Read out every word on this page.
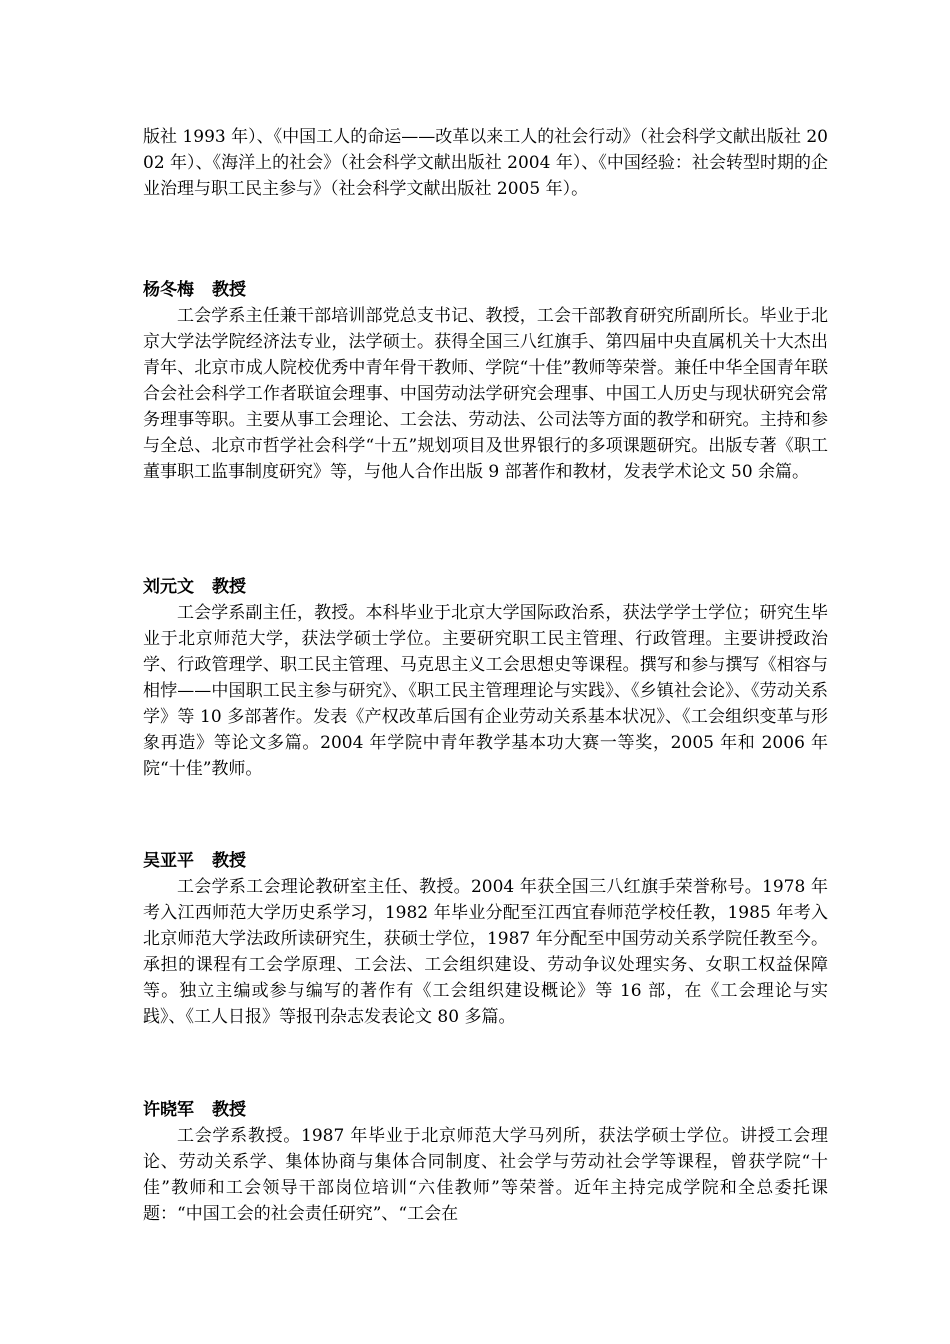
版社 1993 年）、《中国工人的命运——改革以来工人的社会行动》（社会科学文献出版社 2002 年）、《海洋上的社会》（社会科学文献出版社 2004 年）、《中国经验：社会转型时期的企业治理与职工民主参与》（社会科学文献出版社 2005 年）。

杨冬梅 教授

工会学系主任兼干部培训部党总支书记、教授，工会干部教育研究所副所长。毕业于北京大学法学院经济法专业，法学硕士。获得全国三八红旗手、第四届中央直属机关十大杰出青年、北京市成人院校优秀中青年骨干教师、学院“十佳”教师等荣誉。兼任中华全国青年联合会社会科学工作者联谊会理事、中国劳动法学研究会理事、中国工人历史与现状研究会常务理事等职。主要从事工会理论、工会法、劳动法、公司法等方面的教学和研究。主持和参与全总、北京市哲学社会科学“十五”规划项目及世界银行的多项课题研究。出版专著《职工董事职工监事制度研究》等，与他人合作出版 9 部著作和教材，发表学术论文 50 余篇。

刘元文 教授

工会学系副主任，教授。本科毕业于北京大学国际政治系，获法学学士学位；研究生毕业于北京师范大学，获法学硕士学位。主要研究职工民主管理、行政管理。主要讲授政治学、行政管理学、职工民主管理、马克思主义工会思想史等课程。撰写和参与撰写《相容与相悖——中国职工民主参与研究》、《职工民主管理理论与实践》、《乡镇社会论》、《劳动关系学》等 10 多部著作。发表《产权改革后国有企业劳动关系基本状况》、《工会组织变革与形象再造》等论文多篇。2004 年学院中青年教学基本功大赛一等奖，2005 年和 2006 年院“十佳”教师。

吴亚平 教授

工会学系工会理论教研室主任、教授。2004 年获全国三八红旗手荣誉称号。1978 年考入江西师范大学历史系学习，1982 年毕业分配至江西宜春师范学校任教，1985 年考入北京师范大学法政所读研究生，获硕士学位，1987 年分配至中国劳动关系学院任教至今。承担的课程有工会学原理、工会法、工会组织建设、劳动争议处理实务、女职工权益保障等。独立主编或参与编写的著作有《工会组织建设概论》等 16 部，在《工会理论与实践》、《工人日报》等报刊杂志发表论文 80 多篇。

许晓军 教授

工会学系教授。1987 年毕业于北京师范大学马列所，获法学硕士学位。讲授工会理论、劳动关系学、集体协商与集体合同制度、社会学与劳动社会学等课程，曾获学院“十佳”教师和工会领导干部岗位培训“六佳教师”等荣誉。近年主持完成学院和全总委托课题：“中国工会的社会责任研究”、“工会在
